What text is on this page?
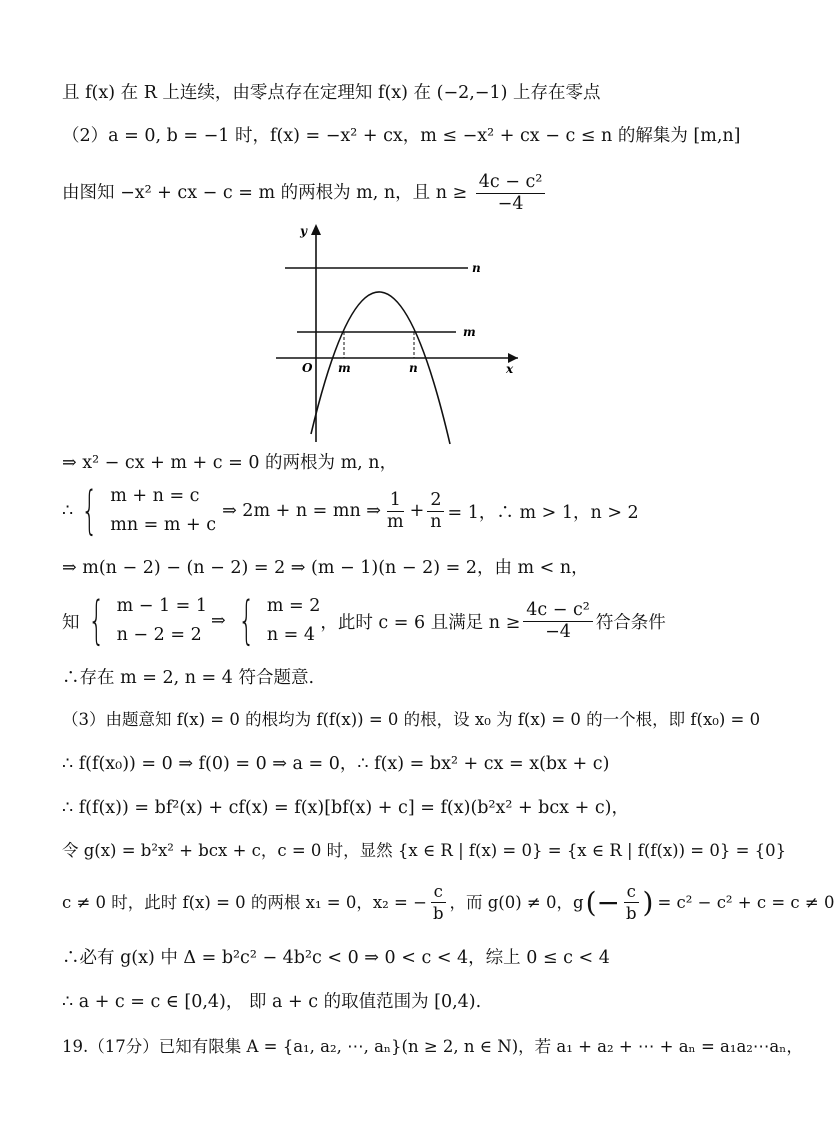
且 f(x) 在 R 上连续，由零点存在定理知 f(x) 在 (−2,−1) 上存在零点
（2）a = 0, b = −1 时，f(x) = −x² + cx，m ≤ −x² + cx − c ≤ n 的解集为 [m,n]
由图知 −x² + cx − c = m 的两根为 m, n，且 $n \ge \frac{\text{4c − c²}}{-4}$
y
x
O
n
m
m	n
⇒ x² − cx + m + c = 0 的两根为 m, n，
∴ { m + n = c
mn = m + c
⇒ 2m + n = mn ⇒ $\frac{1}{m} + \frac{2}{n} = 1$，∴ m > 1，n > 2
⇒ m(n − 2) − (n − 2) = 2 ⇒ (m − 1)(n − 2) = 2，由 m < n，
知 { m − 1 = 1
n − 2 = 2
⇒ { m = 2
n = 4
，此时 c = 6 且满足 $n \ge \frac{\text{4c − c²}}{-4}$ 符合条件
∴存在 m = 2, n = 4 符合题意.
（3）由题意知 f(x) = 0 的根均为 f(f(x)) = 0 的根，设 x₀ 为 f(x) = 0 的一个根，即 f(x₀) = 0
∴ f(f(x₀)) = 0 ⇒ f(0) = 0 ⇒ a = 0，∴ f(x) = bx² + cx = x(bx + c)
∴ f(f(x)) = bf²(x) + cf(x) = f(x)[bf(x) + c] = f(x)(b²x² + bcx + c)，
令 g(x) = b²x² + bcx + c，c = 0 时，显然 {x ∈ R | f(x) = 0} = {x ∈ R | f(f(x)) = 0} = {0}
c ≠ 0 时，此时 f(x) = 0 的两根 x₁ = 0，x₂ = − $\frac{c}{b}$ ，而 g(0) ≠ 0，g (− $\frac{c}{b}$ ) = c² − c² + c = c ≠ 0
∴必有 g(x) 中 Δ = b²c² − 4b²c < 0 ⇒ 0 < c < 4，综上 0 ≤ c < 4
∴ a + c = c ∈ [0,4)， 即 a + c 的取值范围为 [0,4).
19.（17分）已知有限集 A = {a₁, a₂, ⋯, aₙ}(n ≥ 2, n ∈ N)，若 a₁ + a₂ + ⋯ + aₙ = a₁a₂⋯aₙ，
